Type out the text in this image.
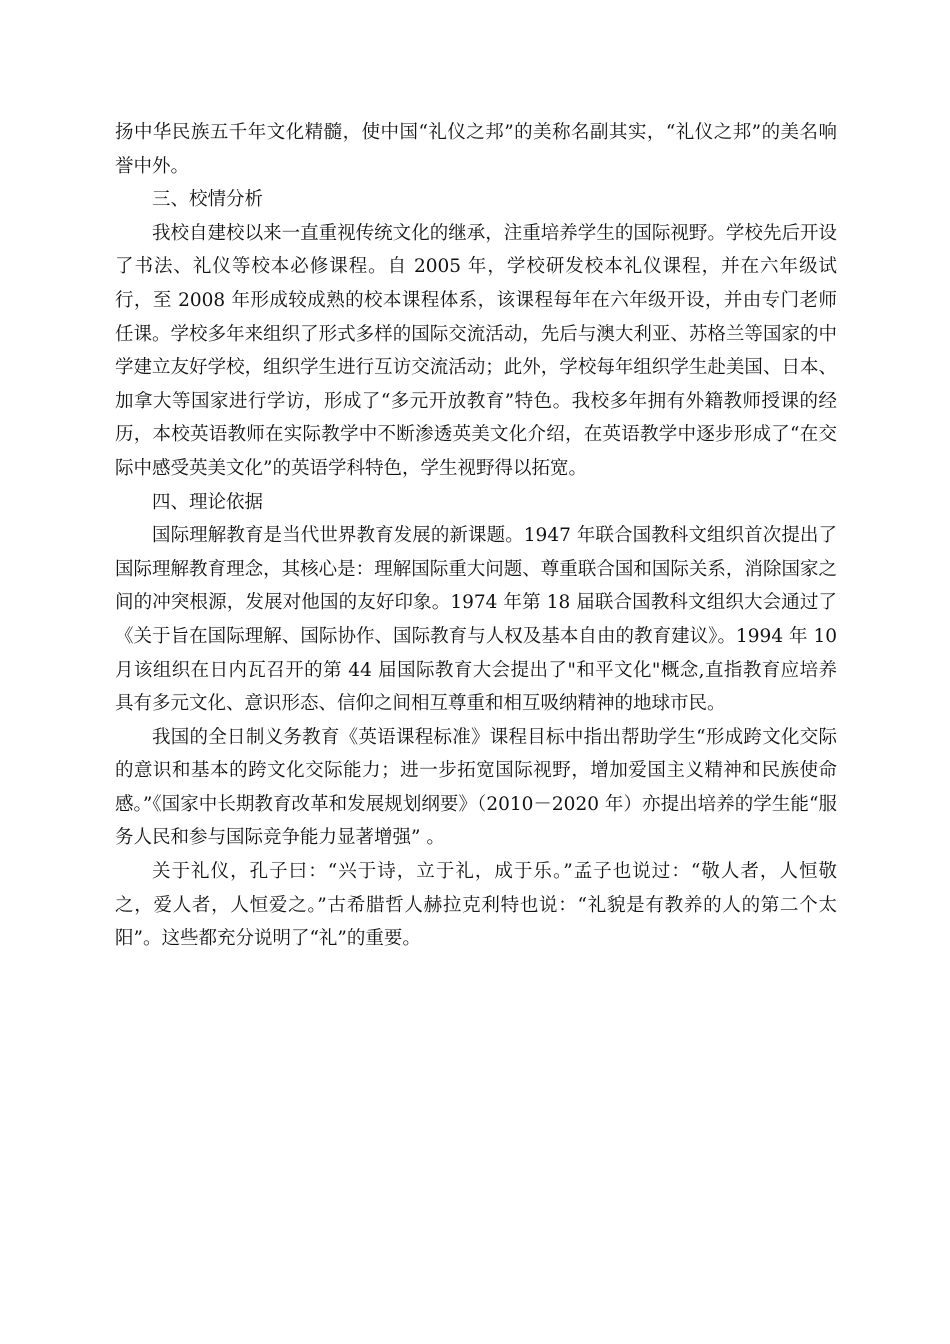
扬中华民族五千年文化精髓，使中国“礼仪之邦”的美称名副其实，“礼仪之邦”的美名响誉中外。

三、校情分析

我校自建校以来一直重视传统文化的继承，注重培养学生的国际视野。学校先后开设了书法、礼仪等校本必修课程。自 2005 年，学校研发校本礼仪课程，并在六年级试行，至 2008 年形成较成熟的校本课程体系，该课程每年在六年级开设，并由专门老师任课。学校多年来组织了形式多样的国际交流活动，先后与澳大利亚、苏格兰等国家的中学建立友好学校，组织学生进行互访交流活动；此外，学校每年组织学生赴美国、日本、加拿大等国家进行学访，形成了“多元开放教育”特色。我校多年拥有外籍教师授课的经历，本校英语教师在实际教学中不断渗透英美文化介绍，在英语教学中逐步形成了“在交际中感受英美文化”的英语学科特色，学生视野得以拓宽。

四、理论依据

国际理解教育是当代世界教育发展的新课题。1947 年联合国教科文组织首次提出了国际理解教育理念，其核心是：理解国际重大问题、尊重联合国和国际关系，消除国家之间的冲突根源，发展对他国的友好印象。1974 年第 18 届联合国教科文组织大会通过了《关于旨在国际理解、国际协作、国际教育与人权及基本自由的教育建议》。1994 年 10 月该组织在日内瓦召开的第 44 届国际教育大会提出了"和平文化"概念,直指教育应培养具有多元文化、意识形态、信仰之间相互尊重和相互吸纳精神的地球市民。

我国的全日制义务教育《英语课程标准》课程目标中指出帮助学生“形成跨文化交际的意识和基本的跨文化交际能力；进一步拓宽国际视野，增加爱国主义精神和民族使命感。”《国家中长期教育改革和发展规划纲要》（2010－2020 年）亦提出培养的学生能“服务人民和参与国际竞争能力显著增强” 。

关于礼仪，孔子曰：“兴于诗，立于礼，成于乐。”孟子也说过：“敬人者，人恒敬之，爱人者，人恒爱之。”古希腊哲人赫拉克利特也说：“礼貌是有教养的人的第二个太阳”。这些都充分说明了“礼”的重要。
